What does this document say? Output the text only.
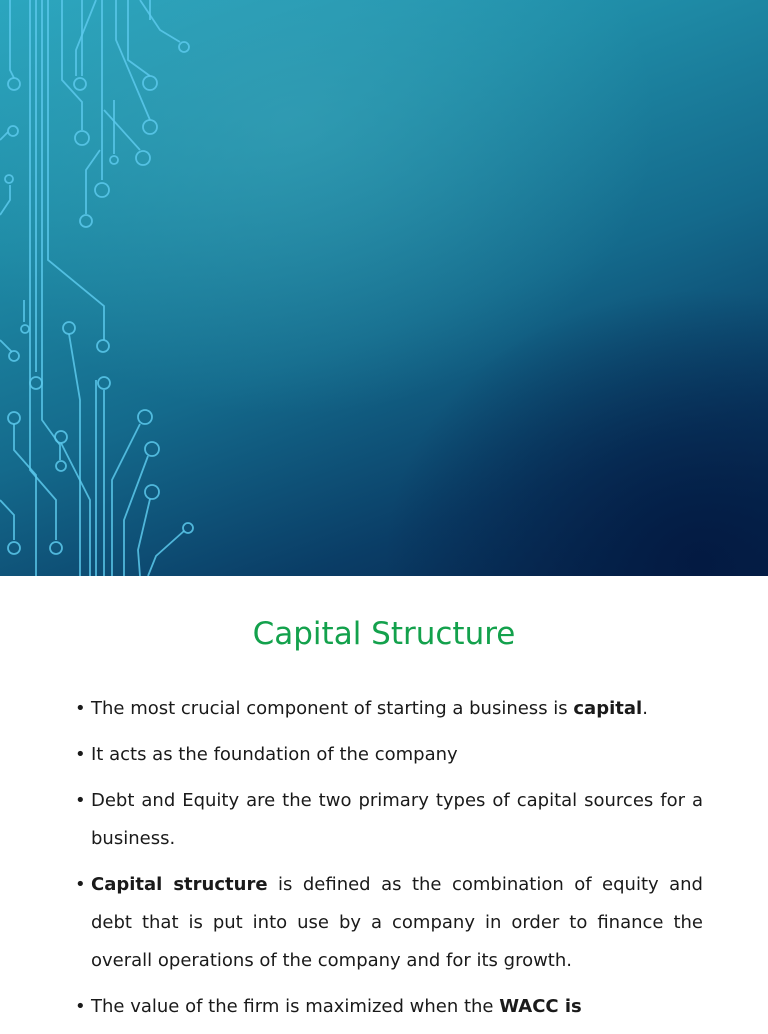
Capital Structure
• The most crucial component of starting a business is capital.
• It acts as the foundation of the company
• Debt and Equity are the two primary types of capital sources for a business.
• Capital structure is defined as the combination of equity and debt that is put into use by a company in order to finance the overall operations of the company and for its growth.
• The value of the firm is maximized when the WACC is
